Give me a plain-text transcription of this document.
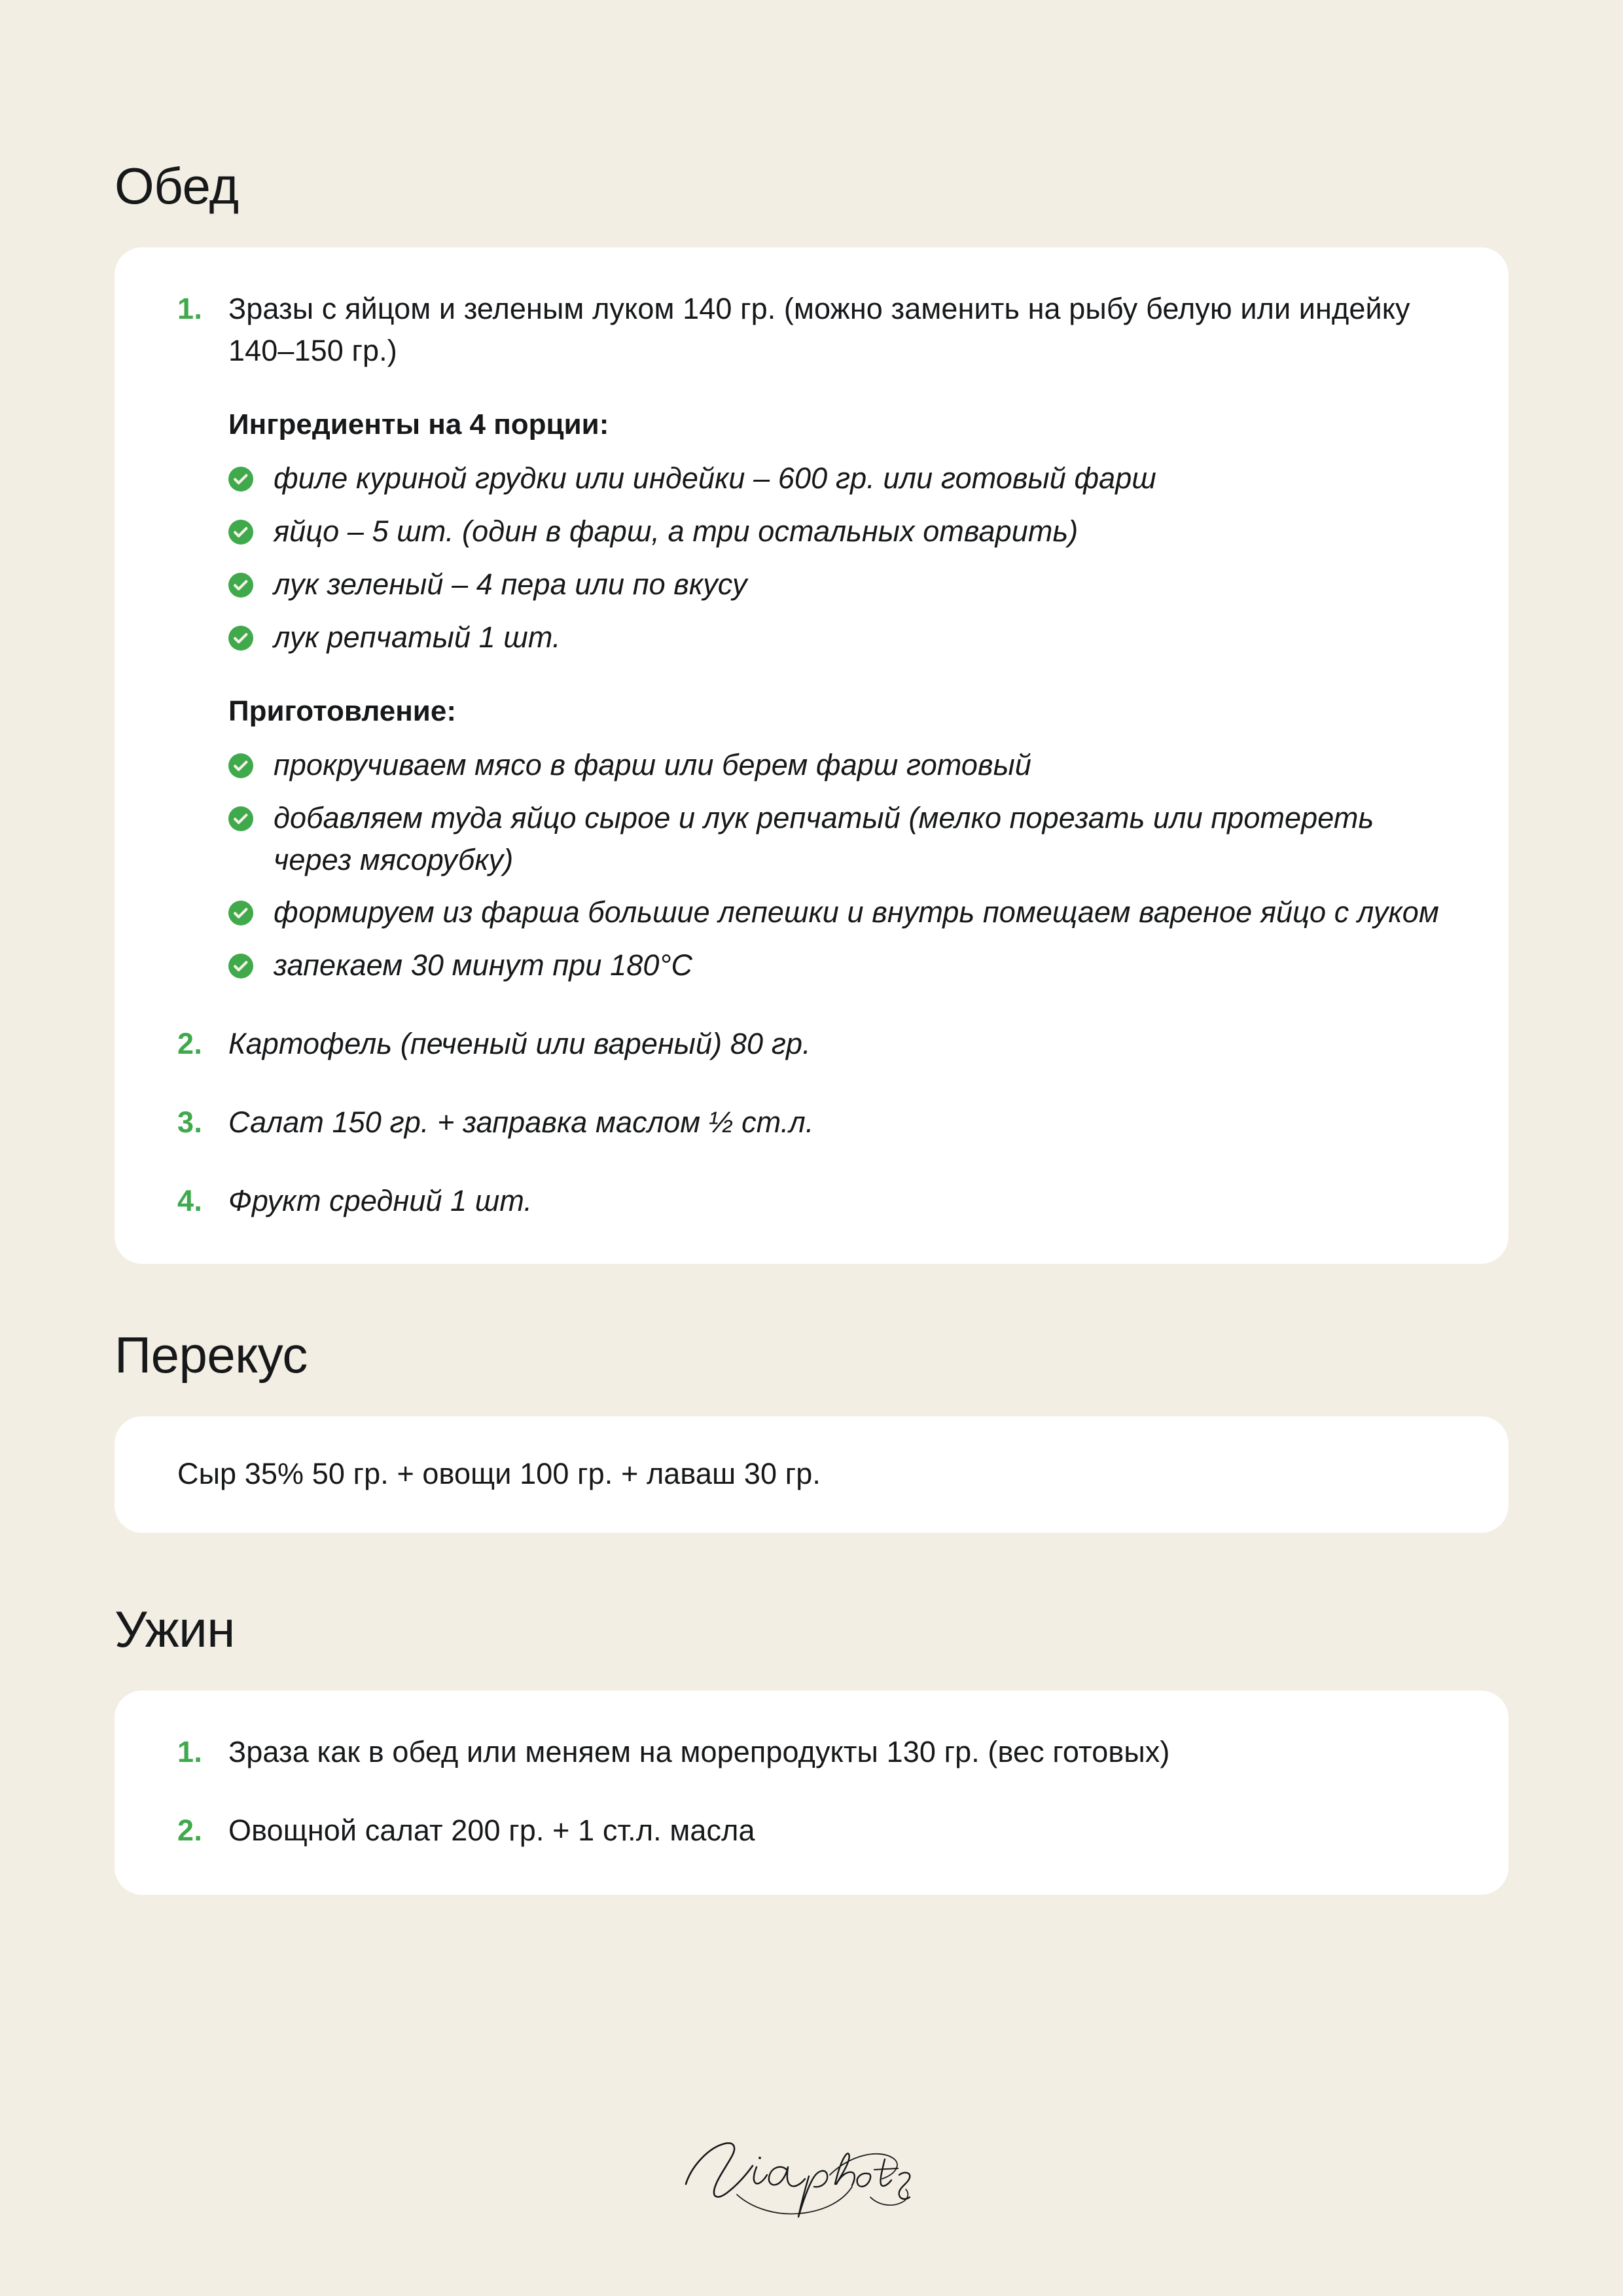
Обед
1. Зразы с яйцом и зеленым луком 140 гр. (можно заменить на рыбу белую или индейку 140–150 гр.)

Ингредиенты на 4 порции:

филе куриной грудки или индейки – 600 гр. или готовый фарш
яйцо – 5 шт. (один в фарш, а три остальных отварить)
лук зеленый – 4 пера или по вкусу
лук репчатый 1 шт.

Приготовление:

прокручиваем мясо в фарш или берем фарш готовый
добавляем туда яйцо сырое и лук репчатый (мелко порезать или протереть через мясорубку)
формируем из фарша большие лепешки и внутрь помещаем вареное яйцо с луком
запекаем 30 минут при 180°C
2. Картофель (печеный или вареный) 80 гр.

3. Салат 150 гр. + заправка маслом ½ ст.л.

4. Фрукт средний 1 шт.

Перекус

Сыр 35% 50 гр. + овощи 100 гр. + лаваш 30 гр.

Ужин
1. Зраза как в обед или меняем на морепродукты 130 гр. (вес готовых)

2. Овощной салат 200 гр. + 1 ст.л. масла
